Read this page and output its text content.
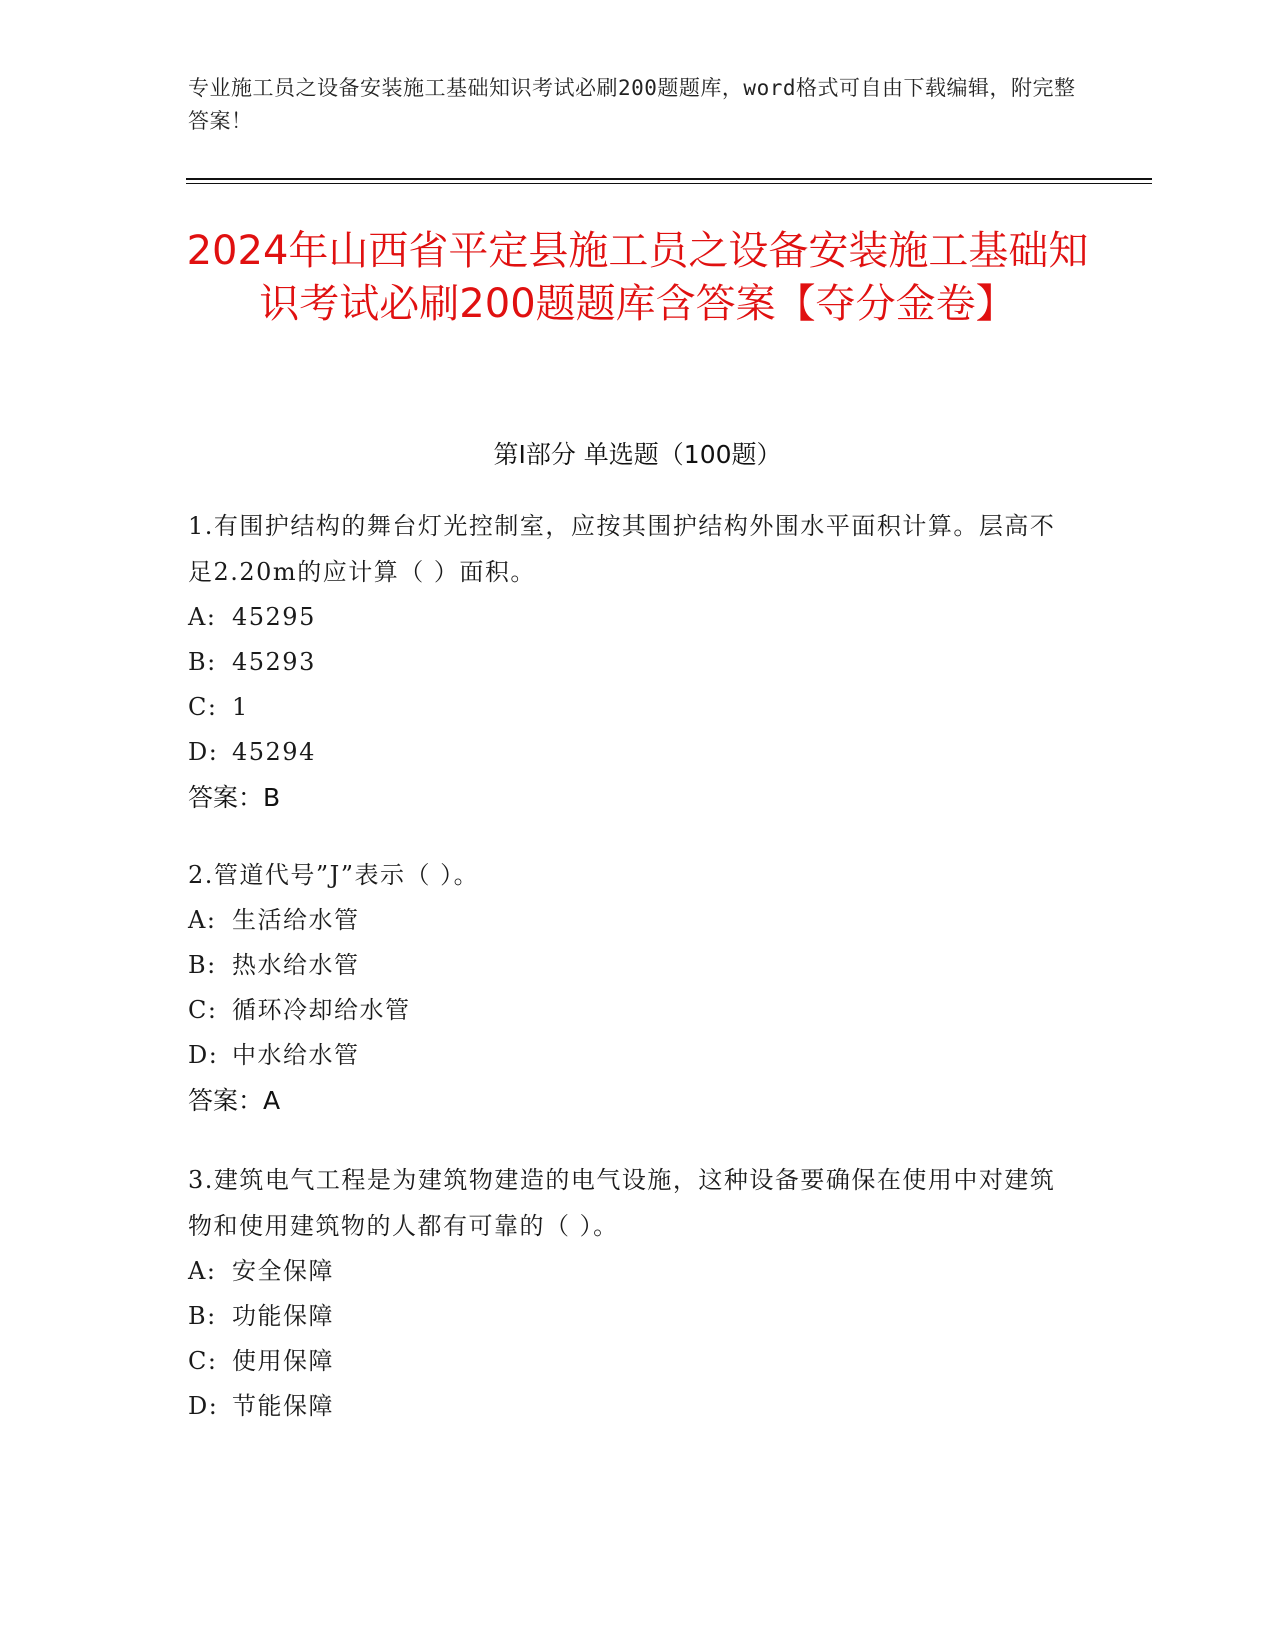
专业施工员之设备安装施工基础知识考试必刷200题题库，word格式可自由下载编辑，附完整答案！
2024年山西省平定县施工员之设备安装施工基础知识考试必刷200题题库含答案【夺分金卷】
第Ⅰ部分 单选题（100题）

1.有围护结构的舞台灯光控制室，应按其围护结构外围水平面积计算。层高不足2.20m的应计算（ ）面积。

A: 45295

B: 45293

C: 1

D: 45294

答案：B

2.管道代号”J”表示（ ）。

A: 生活给水管

B: 热水给水管

C: 循环冷却给水管

D: 中水给水管

答案：A

3.建筑电气工程是为建筑物建造的电气设施，这种设备要确保在使用中对建筑物和使用建筑物的人都有可靠的（ ）。

A: 安全保障

B: 功能保障

C: 使用保障

D: 节能保障
